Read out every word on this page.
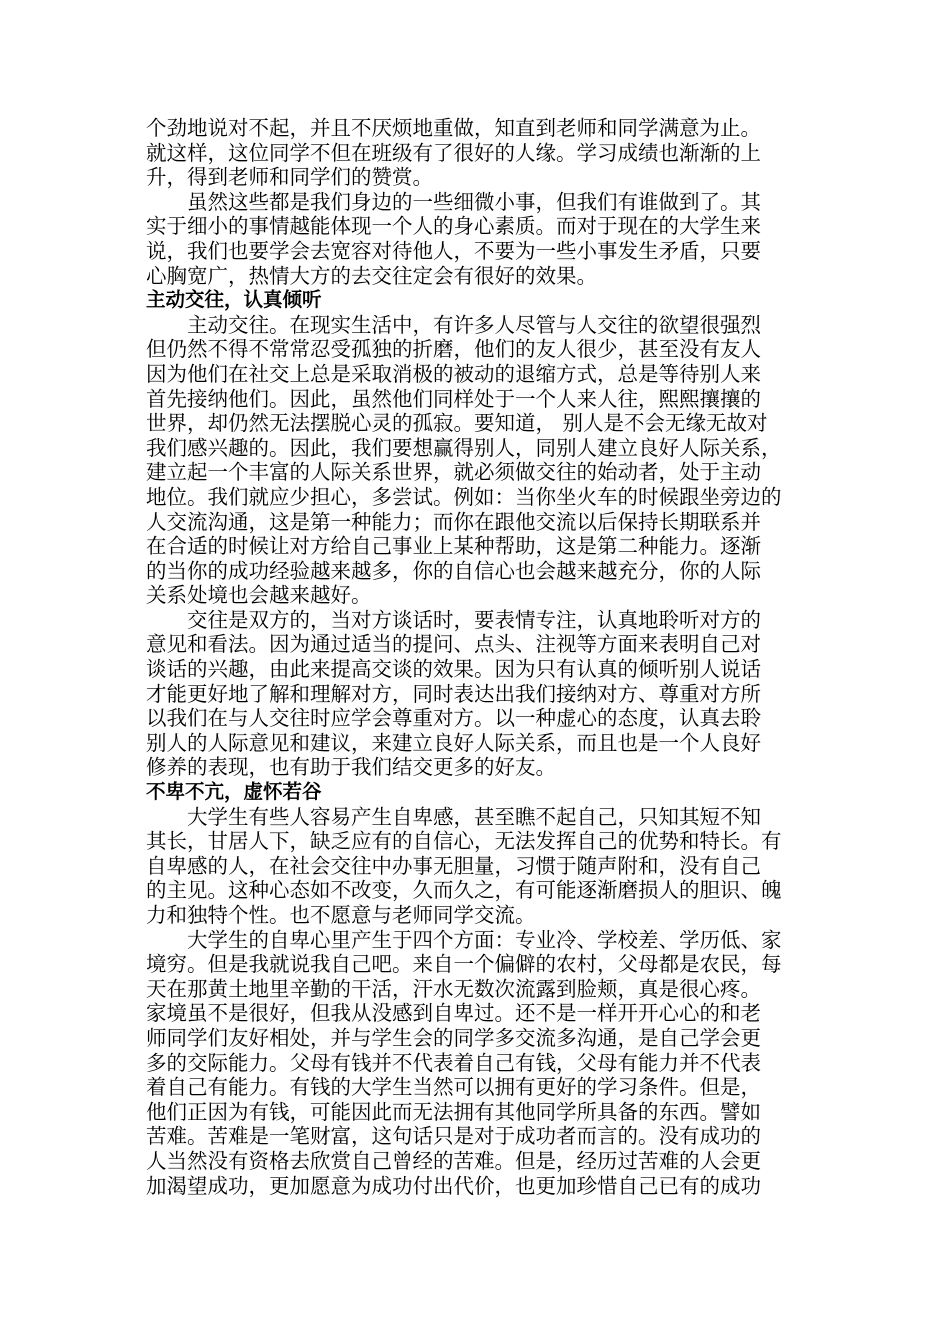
个劲地说对不起，并且不厌烦地重做，知直到老师和同学满意为止。
就这样，这位同学不但在班级有了很好的人缘。学习成绩也渐渐的上
升，得到老师和同学们的赞赏。
虽然这些都是我们身边的一些细微小事，但我们有谁做到了。其
实于细小的事情越能体现一个人的身心素质。而对于现在的大学生来
说，我们也要学会去宽容对待他人，不要为一些小事发生矛盾，只要
心胸宽广，热情大方的去交往定会有很好的效果。
主动交往，认真倾听
主动交往。在现实生活中，有许多人尽管与人交往的欲望很强烈
但仍然不得不常常忍受孤独的折磨，他们的友人很少，甚至没有友人
因为他们在社交上总是采取消极的被动的退缩方式，总是等待别人来
首先接纳他们。因此，虽然他们同样处于一个人来人往，熙熙攘攘的
世界，却仍然无法摆脱心灵的孤寂。要知道， 别人是不会无缘无故对
我们感兴趣的。因此，我们要想赢得别人，同别人建立良好人际关系，
建立起一个丰富的人际关系世界，就必须做交往的始动者，处于主动
地位。我们就应少担心，多尝试。例如：当你坐火车的时候跟坐旁边的
人交流沟通，这是第一种能力；而你在跟他交流以后保持长期联系并
在合适的时候让对方给自己事业上某种帮助，这是第二种能力。逐渐
的当你的成功经验越来越多，你的自信心也会越来越充分，你的人际
关系处境也会越来越好。
交往是双方的，当对方谈话时，要表情专注，认真地聆听对方的
意见和看法。因为通过适当的提问、点头、注视等方面来表明自己对
谈话的兴趣，由此来提高交谈的效果。因为只有认真的倾听别人说话
才能更好地了解和理解对方，同时表达出我们接纳对方、尊重对方所
以我们在与人交往时应学会尊重对方。以一种虚心的态度，认真去聆
别人的人际意见和建议，来建立良好人际关系，而且也是一个人良好
修养的表现，也有助于我们结交更多的好友。
不卑不亢，虚怀若谷
大学生有些人容易产生自卑感，甚至瞧不起自己，只知其短不知
其长，甘居人下，缺乏应有的自信心，无法发挥自己的优势和特长。有
自卑感的人，在社会交往中办事无胆量，习惯于随声附和，没有自己
的主见。这种心态如不改变，久而久之，有可能逐渐磨损人的胆识、魄
力和独特个性。也不愿意与老师同学交流。
大学生的自卑心里产生于四个方面：专业冷、学校差、学历低、家
境穷。但是我就说我自己吧。来自一个偏僻的农村，父母都是农民，每
天在那黄土地里辛勤的干活，汗水无数次流露到脸颊，真是很心疼。
家境虽不是很好，但我从没感到自卑过。还不是一样开开心心的和老
师同学们友好相处，并与学生会的同学多交流多沟通，是自己学会更
多的交际能力。父母有钱并不代表着自己有钱，父母有能力并不代表
着自己有能力。有钱的大学生当然可以拥有更好的学习条件。但是，
他们正因为有钱，可能因此而无法拥有其他同学所具备的东西。譬如
苦难。苦难是一笔财富，这句话只是对于成功者而言的。没有成功的
人当然没有资格去欣赏自己曾经的苦难。但是，经历过苦难的人会更
加渴望成功，更加愿意为成功付出代价，也更加珍惜自己已有的成功
